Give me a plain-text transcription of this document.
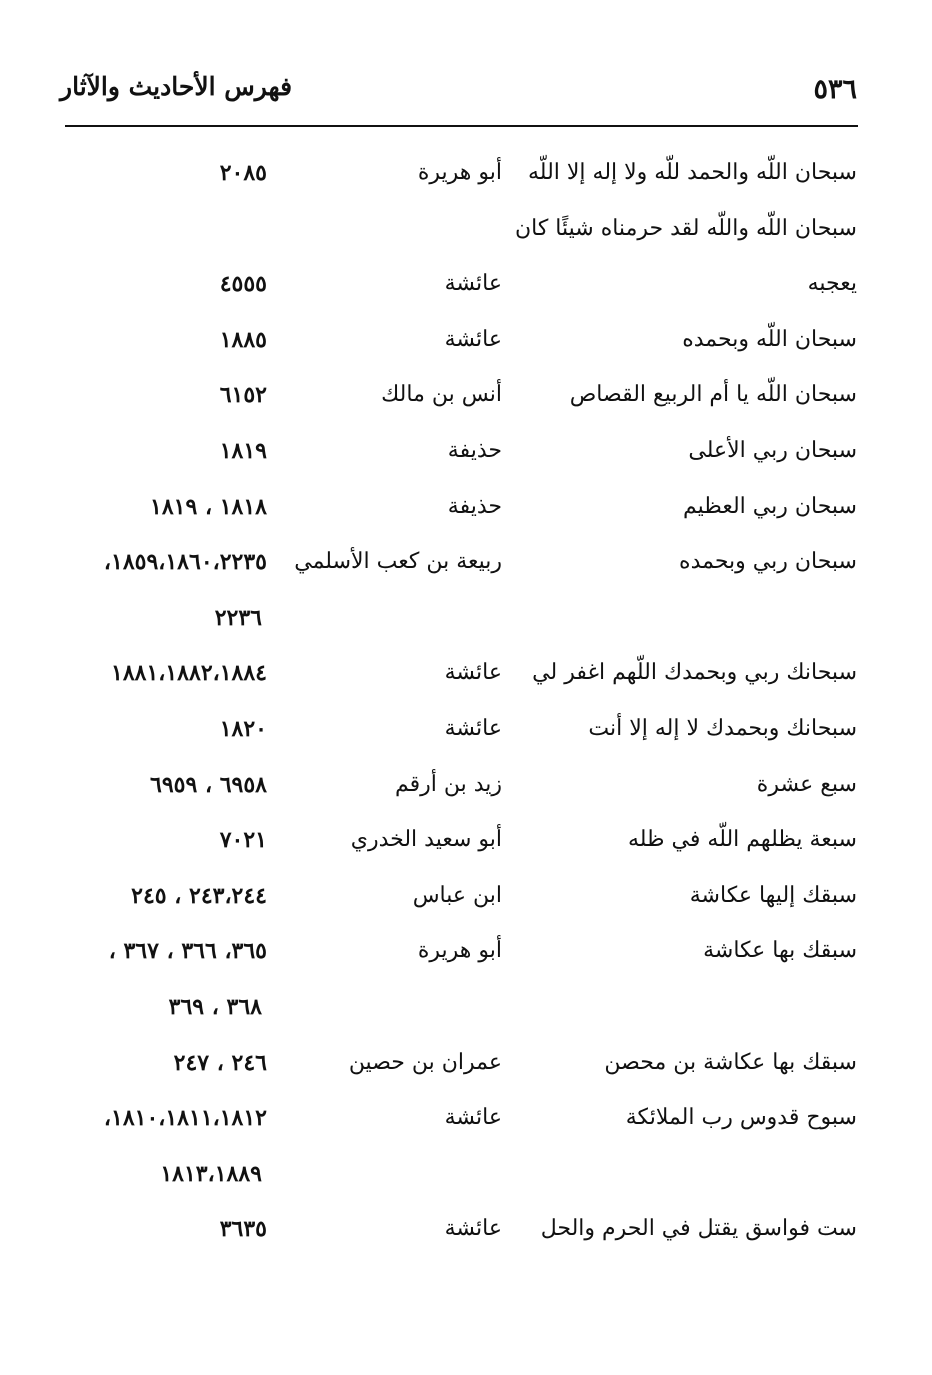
٥٣٦
فهرس الأحاديث والآثار
سبحان اللّه والحمد للّه ولا إله إلا اللّه
أبو هريرة
٢٠٨٥
سبحان اللّه واللّه لقد حرمناه شيئًا كان
يعجبه
عائشة
٤٥٥٥
سبحان اللّه وبحمده
عائشة
١٨٨٥
سبحان اللّه يا أم الربيع القصاص
أنس بن مالك
٦١٥٢
سبحان ربي الأعلى
حذيفة
١٨١٩
سبحان ربي العظيم
حذيفة
١٨١٨ ، ١٨١٩
سبحان ربي وبحمده
ربيعة بن كعب الأسلمي
١٨٥٩،١٨٦٠،٢٢٣٥،
٢٢٣٦
سبحانك ربي وبحمدك اللّهم اغفر لي
عائشة
١٨٨١،١٨٨٢،١٨٨٤
سبحانك وبحمدك لا إله إلا أنت
عائشة
١٨٢٠
سبع عشرة
زيد بن أرقم
٦٩٥٨ ، ٦٩٥٩
سبعة يظلهم اللّه في ظله
أبو سعيد الخدري
٧٠٢١
سبقك إليها عكاشة
ابن عباس
٢٤٣،٢٤٤ ، ٢٤٥
سبقك بها عكاشة
أبو هريرة
٣٦٥، ٣٦٦ ، ٣٦٧ ،
٣٦٨ ، ٣٦٩
سبقك بها عكاشة بن محصن
عمران بن حصين
٢٤٦ ، ٢٤٧
سبوح قدوس رب الملائكة
عائشة
١٨١٠،١٨١١،١٨١٢،
١٨١٣،١٨٨٩
ست فواسق يقتل في الحرم والحل
عائشة
٣٦٣٥
